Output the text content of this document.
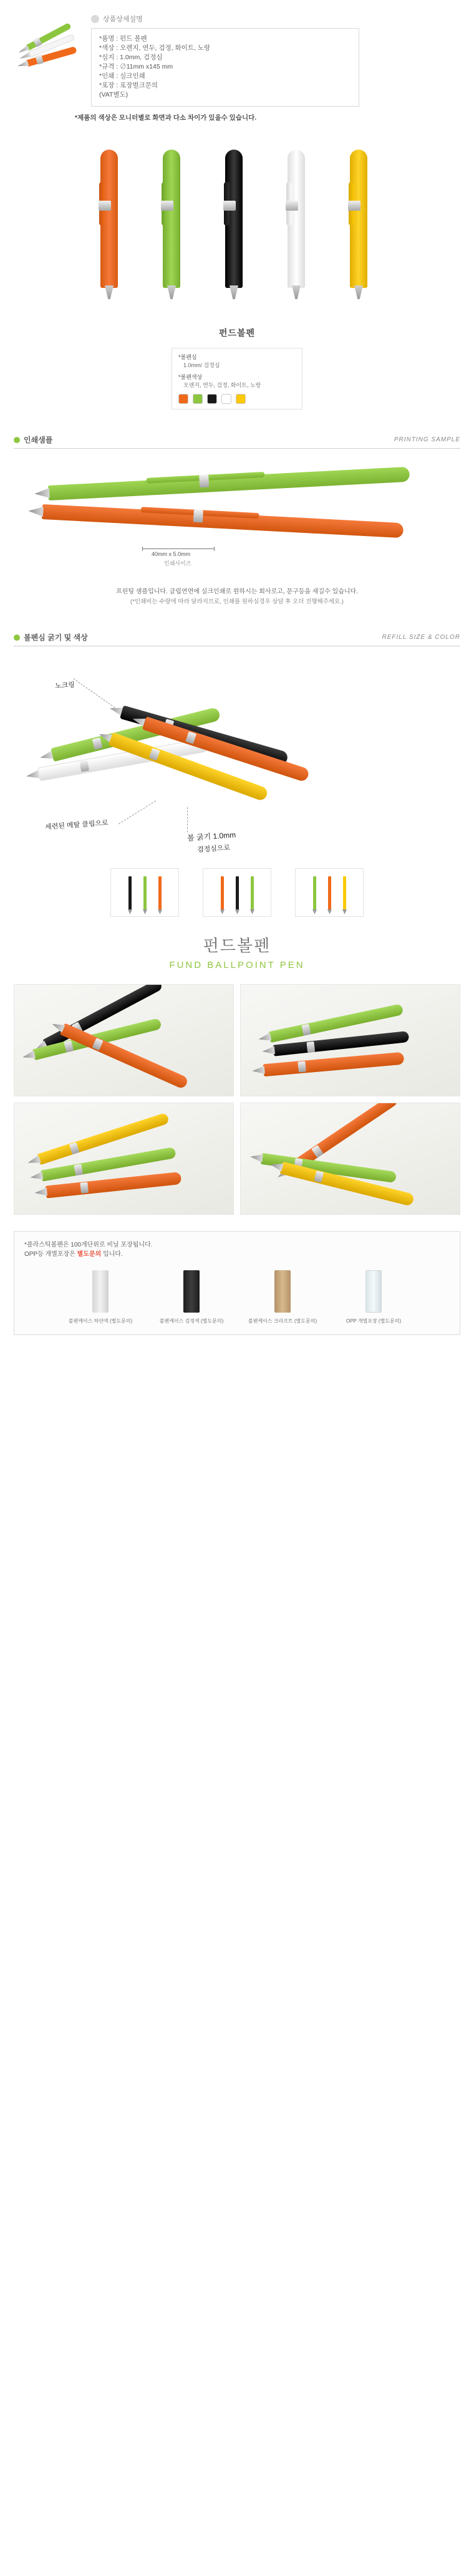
상품상세설명
*품명 : 펀드 볼펜
*색상 : 오렌지, 연두, 검정, 화이트, 노랑
*심지 : 1.0mm, 검정심
*규격 : ∅11mm x145 mm
*인쇄 : 실크인쇄
*포장 : 포장벌크문의
(VAT별도)
*제품의 색상은 모니터별로 화면과 다소 차이가 있을수 있습니다.
펀드볼펜
*볼펜심
1.0mm/ 검정심
*볼펜색상
오렌지, 연두, 검정, 화이트, 노랑
인쇄샘플	PRINTING SAMPLE
40mm x 5.0mm
인쇄사이즈
프린팅 샘플입니다. 클립연면에 실크인쇄로 원하시는 회사로고, 문구등을 새길수 있습니다.
(*인쇄비는 수량에 따라 달라지므로, 인쇄를 원하실경우 상담 후 오더 진행해주세요.)
볼펜심 굵기 및 색상	REFILL SIZE & COLOR
노크링
세련된 메탈 클립으로
볼 굵기 1.0mm
검정심으로
펀드볼펜
FUND BALLPOINT PEN
*플라스틱볼펜은 100개단위로 비닐 포장됩니다.
OPP등 개별포장은 별도문의 입니다.
볼펜케이스 하얀색 (별도문의)	볼펜케이스 검정색 (별도문의)	볼펜케이스 크라프트 (별도문의)	OPP 개별포장 (별도문의)
